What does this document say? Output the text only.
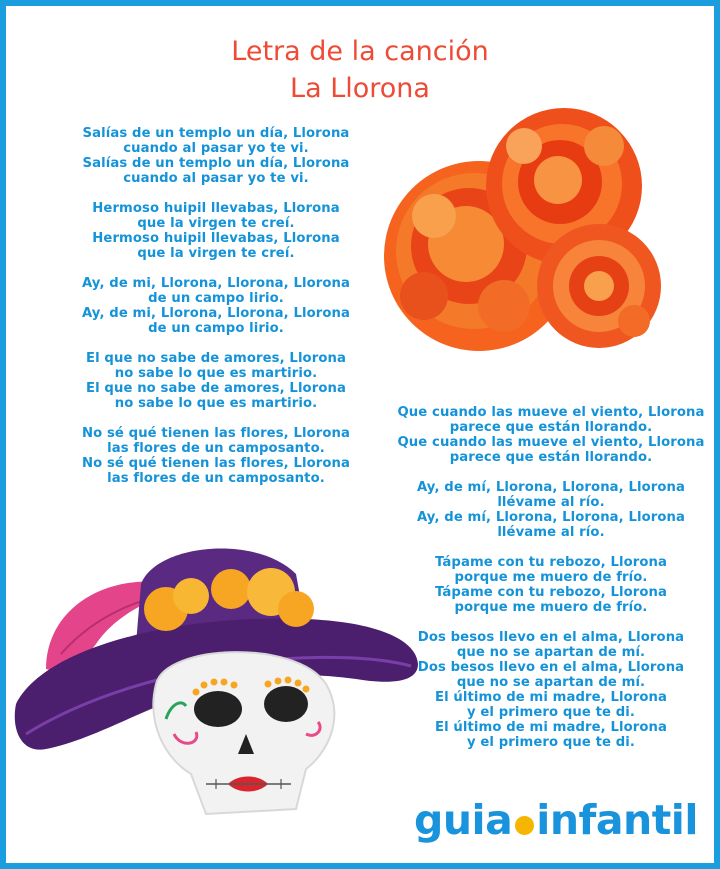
Letra de la canción
La Llorona
Salías de un templo un día, Llorona
cuando al pasar yo te vi.
Salías de un templo un día, Llorona
cuando al pasar yo te vi.
Hermoso huipil llevabas, Llorona
que la virgen te creí.
Hermoso huipil llevabas, Llorona
que la virgen te creí.
Ay, de mi, Llorona, Llorona, Llorona
de un campo lirio.
Ay, de mi, Llorona, Llorona, Llorona
de un campo lirio.
El que no sabe de amores, Llorona
no sabe lo que es martirio.
El que no sabe de amores, Llorona
no sabe lo que es martirio.
No sé qué tienen las flores, Llorona
las flores de un camposanto.
No sé qué tienen las flores, Llorona
las flores de un camposanto.
Que cuando las mueve el viento, Llorona
parece que están llorando.
Que cuando las mueve el viento, Llorona
parece que están llorando.
Ay, de mí, Llorona, Llorona, Llorona
llévame al río.
Ay, de mí, Llorona, Llorona, Llorona
llévame al río.
Tápame con tu rebozo, Llorona
porque me muero de frío.
Tápame con tu rebozo, Llorona
porque me muero de frío.
Dos besos llevo en el alma, Llorona
que no se apartan de mí.
Dos besos llevo en el alma, Llorona
que no se apartan de mí.
El último de mi madre, Llorona
y el primero que te di.
El último de mi madre, Llorona
y el primero que te di.
guia infantil
